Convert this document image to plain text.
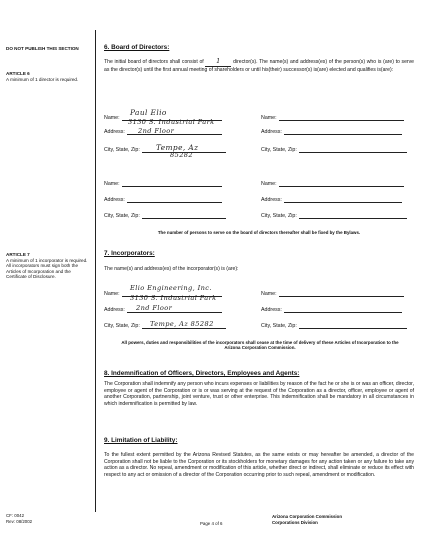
DO NOT PUBLISH THIS SECTION
ARTICLE 6
A minimum of 1 director is required.
ARTICLE 7
A minimum of 1 incorporator is required. All incorporators must sign both the Articles of Incorporation and the Certificate of Disclosure.
6. Board of Directors:
The initial board of directors shall consist of 1 director(s). The name(s) and address(es) of the person(s) who is (are) to serve as the director(s) until the first annual meeting of shareholders or until his(their) successor(s) is(are) elected and qualifies is(are):
Name:
Address:
City, State, Zip:
Paul Elio
3130 S. Industrial Park
2nd Floor
Tempe, Az
85282
Name:
Address:
City, State, Zip:
Name:
Address:
City, State, Zip:
Name:
Address:
City, State, Zip:
The number of persons to serve on the board of directors thereafter shall be fixed by the Bylaws.
7. Incorporators:
The name(s) and address(es) of the incorporator(s) is (are):
Name:
Address:
City, State, Zip:
Elio Engineering, Inc.
3130 S. Industrial Park
2nd Floor
Tempe, Az 85282
Name:
Address:
City, State, Zip:
All powers, duties and responsibilities of the incorporators shall cease at the time of delivery of these Articles of Incorporation to the Arizona Corporation Commission.
8. Indemnification of Officers, Directors, Employees and Agents:
The Corporation shall indemnify any person who incurs expenses or liabilities by reason of the fact he or she is or was an officer, director, employee or agent of the Corporation or is or was serving at the request of the Corporation as a director, officer, employee or agent of another Corporation, partnership, joint venture, trust or other enterprise. This indemnification shall be mandatory in all circumstances in which indemnification is permitted by law.
9. Limitation of Liability:
To the fullest extent permitted by the Arizona Revised Statutes, as the same exists or may hereafter be amended, a director of the Corporation shall not be liable to the Corporation or its stockholders for monetary damages for any action taken or any failure to take any action as a director. No repeal, amendment or modification of this article, whether direct or indirect, shall eliminate or reduce its effect with respect to any act or omission of a director of the Corporation occurring prior to such repeal, amendment or modification.
CF: 0042
Rev: 08/2002	Page 4 of 6
Arizona Corporation Commission
Corporations Division
